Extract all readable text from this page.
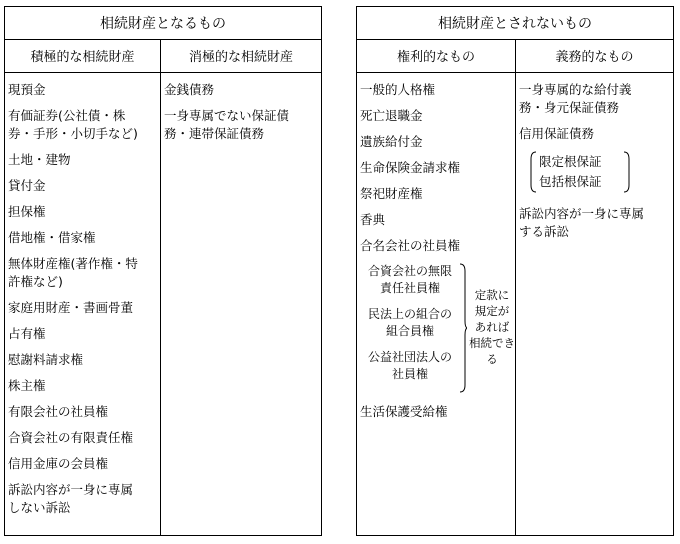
相続財産となるもの
積極的な相続財産	消極的な相続財産
現預金
有価証券(公社債・株
券・手形・小切手など)
土地・建物
貸付金
担保権
借地権・借家権
無体財産権(著作権・特
許権など)
家庭用財産・書画骨董
占有権
慰謝料請求権
株主権
有限会社の社員権
合資会社の有限責任権
信用金庫の会員権
訴訟内容が一身に専属
しない訴訟
金銭債務
一身専属でない保証債
務・連帯保証債務
相続財産とされないもの
権利的なもの	義務的なもの
一般的人格権
死亡退職金
遺族給付金
生命保険金請求権
祭祀財産権
香典
合名会社の社員権
合資会社の無限
責任社員権
民法上の組合の
組合員権
公益社団法人の
社員権
定款に
規定が
あれば
相続でき
る
生活保護受給権
一身専属的な給付義
務・身元保証債務
信用保証債務
限定根保証
包括根保証
訴訟内容が一身に専属
する訴訟
